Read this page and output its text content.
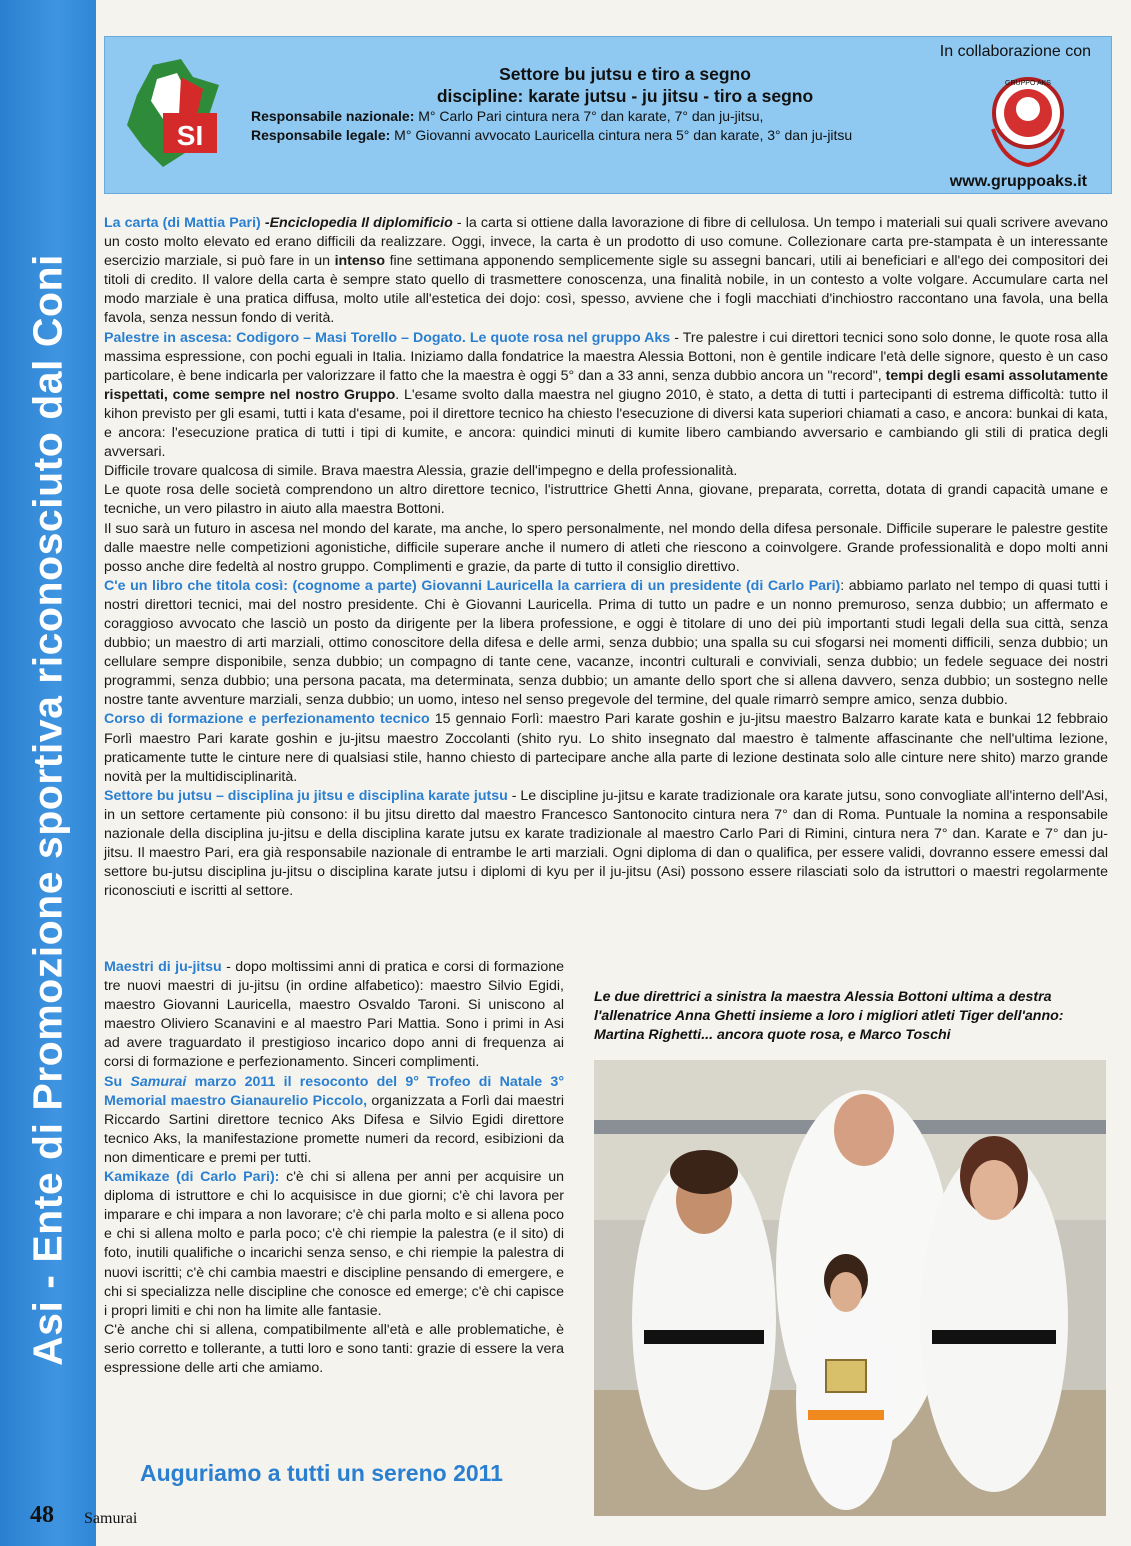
Asi - Ente di Promozione sportiva riconosciuto dal Coni
SI
Settore bu jutsu e tiro a segno
discipline: karate jutsu - ju jitsu - tiro a segno
Responsabile nazionale: M° Carlo Pari cintura nera 7° dan karate, 7° dan ju-jitsu,
Responsabile legale: M° Giovanni avvocato Lauricella cintura nera 5° dan karate, 3° dan ju-jitsu
In collaborazione con
GRUPPO AKS
www.gruppoaks.it

La carta (di Mattia Pari) -Enciclopedia Il diplomificio - la carta si ottiene dalla lavorazione di fibre di cellulosa. Un tempo i materiali sui quali scrivere avevano un costo molto elevato ed erano difficili da realizzare. Oggi, invece, la carta è un prodotto di uso comune. Collezionare carta pre-stampata è un interessante esercizio marziale, si può fare in un intenso fine settimana apponendo semplicemente sigle su assegni bancari, utili ai beneficiari e all'ego dei compositori dei titoli di credito. Il valore della carta è sempre stato quello di trasmettere conoscenza, una finalità nobile, in un contesto a volte volgare. Accumulare carta nel modo marziale è una pratica diffusa, molto utile all'estetica dei dojo: così, spesso, avviene che i fogli macchiati d'inchiostro raccontano una favola, una bella favola, senza nessun fondo di verità.

Palestre in ascesa: Codigoro – Masi Torello – Dogato. Le quote rosa nel gruppo Aks - Tre palestre i cui direttori tecnici sono solo donne, le quote rosa alla massima espressione, con pochi eguali in Italia. Iniziamo dalla fondatrice la maestra Alessia Bottoni, non è gentile indicare l'età delle signore, questo è un caso particolare, è bene indicarla per valorizzare il fatto che la maestra è oggi 5° dan a 33 anni, senza dubbio ancora un "record", tempi degli esami assolutamente rispettati, come sempre nel nostro Gruppo. L'esame svolto dalla maestra nel giugno 2010, è stato, a detta di tutti i partecipanti di estrema difficoltà: tutto il kihon previsto per gli esami, tutti i kata d'esame, poi il direttore tecnico ha chiesto l'esecuzione di diversi kata superiori chiamati a caso, e ancora: bunkai di kata, e ancora: l'esecuzione pratica di tutti i tipi di kumite, e ancora: quindici minuti di kumite libero cambiando avversario e cambiando gli stili di pratica degli avversari.

Difficile trovare qualcosa di simile. Brava maestra Alessia, grazie dell'impegno e della professionalità.

Le quote rosa delle società comprendono un altro direttore tecnico, l'istruttrice Ghetti Anna, giovane, preparata, corretta, dotata di grandi capacità umane e tecniche, un vero pilastro in aiuto alla maestra Bottoni.

Il suo sarà un futuro in ascesa nel mondo del karate, ma anche, lo spero personalmente, nel mondo della difesa personale. Difficile superare le palestre gestite dalle maestre nelle competizioni agonistiche, difficile superare anche il numero di atleti che riescono a coinvolgere. Grande professionalità e dopo molti anni posso anche dire fedeltà al nostro gruppo. Complimenti e grazie, da parte di tutto il consiglio direttivo.

C'e un libro che titola così: (cognome a parte) Giovanni Lauricella la carriera di un presidente (di Carlo Pari): abbiamo parlato nel tempo di quasi tutti i nostri direttori tecnici, mai del nostro presidente. Chi è Giovanni Lauricella. Prima di tutto un padre e un nonno premuroso, senza dubbio; un affermato e coraggioso avvocato che lasciò un posto da dirigente per la libera professione, e oggi è titolare di uno dei più importanti studi legali della sua città, senza dubbio; un maestro di arti marziali, ottimo conoscitore della difesa e delle armi, senza dubbio; una spalla su cui sfogarsi nei momenti difficili, senza dubbio; un cellulare sempre disponibile, senza dubbio; un compagno di tante cene, vacanze, incontri culturali e conviviali, senza dubbio; un fedele seguace dei nostri programmi, senza dubbio; una persona pacata, ma determinata, senza dubbio; un amante dello sport che si allena davvero, senza dubbio; un sostegno nelle nostre tante avventure marziali, senza dubbio; un uomo, inteso nel senso pregevole del termine, del quale rimarrò sempre amico, senza dubbio.

Corso di formazione e perfezionamento tecnico 15 gennaio Forlì: maestro Pari karate goshin e ju-jitsu maestro Balzarro karate kata e bunkai 12 febbraio Forlì maestro Pari karate goshin e ju-jitsu maestro Zoccolanti (shito ryu. Lo shito insegnato dal maestro è talmente affascinante che nell'ultima lezione, praticamente tutte le cinture nere di qualsiasi stile, hanno chiesto di partecipare anche alla parte di lezione destinata solo alle cinture nere shito) marzo grande novità per la multidisciplinarità.

Settore bu jutsu – disciplina ju jitsu e disciplina karate jutsu - Le discipline ju-jitsu e karate tradizionale ora karate jutsu, sono convogliate all'interno dell'Asi, in un settore certamente più consono: il bu jitsu diretto dal maestro Francesco Santonocito cintura nera 7° dan di Roma. Puntuale la nomina a responsabile nazionale della disciplina ju-jitsu e della disciplina karate jutsu ex karate tradizionale al maestro Carlo Pari di Rimini, cintura nera 7° dan. Karate e 7° dan ju-jitsu. Il maestro Pari, era già responsabile nazionale di entrambe le arti marziali. Ogni diploma di dan o qualifica, per essere validi, dovranno essere emessi dal settore bu-jutsu disciplina ju-jitsu o disciplina karate jutsu i diplomi di kyu per il ju-jitsu (Asi) possono essere rilasciati solo da istruttori o maestri regolarmente riconosciuti e iscritti al settore.

Maestri di ju-jitsu - dopo moltissimi anni di pratica e corsi di formazione tre nuovi maestri di ju-jitsu (in ordine alfabetico): maestro Silvio Egidi, maestro Giovanni Lauricella, maestro Osvaldo Taroni. Si uniscono al maestro Oliviero Scanavini e al maestro Pari Mattia. Sono i primi in Asi ad avere traguardato il prestigioso incarico dopo anni di frequenza ai corsi di formazione e perfezionamento. Sinceri complimenti.

Su Samurai marzo 2011 il resoconto del 9° Trofeo di Natale 3° Memorial maestro Gianaurelio Piccolo, organizzata a Forlì dai maestri Riccardo Sartini direttore tecnico Aks Difesa e Silvio Egidi direttore tecnico Aks, la manifestazione promette numeri da record, esibizioni da non dimenticare e premi per tutti.

Kamikaze (di Carlo Pari): c'è chi si allena per anni per acquisire un diploma di istruttore e chi lo acquisisce in due giorni; c'è chi lavora per imparare e chi impara a non lavorare; c'è chi parla molto e si allena poco e chi si allena molto e parla poco; c'è chi riempie la palestra (e il sito) di foto, inutili qualifiche o incarichi senza senso, e chi riempie la palestra di nuovi iscritti; c'è chi cambia maestri e discipline pensando di emergere, e chi si specializza nelle discipline che conosce ed emerge; c'è chi capisce i propri limiti e chi non ha limite alle fantasie.

C'è anche chi si allena, compatibilmente all'età e alle problematiche, è serio corretto e tollerante, a tutti loro e sono tanti: grazie di essere la vera espressione delle arti che amiamo.

Le due direttrici a sinistra la maestra Alessia Bottoni ultima a destra l'allenatrice Anna Ghetti insieme a loro i migliori atleti Tiger dell'anno: Martina Righetti... ancora quote rosa, e Marco Toschi
Auguriamo a tutti un sereno 2011
48 Samurai
